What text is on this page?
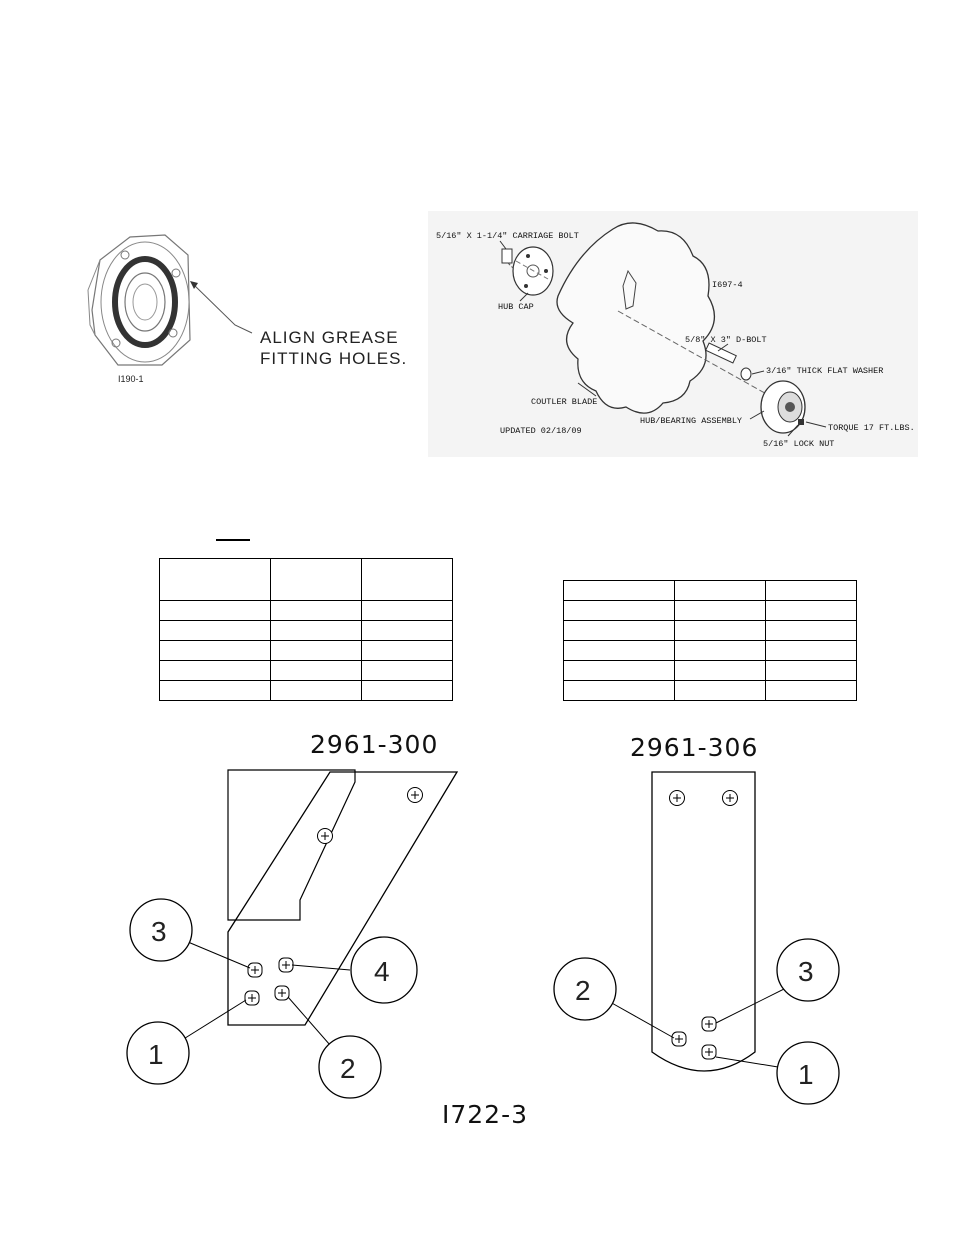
ALIGN GREASE
FITTING HOLES.
I190-1
5/16" X 1-1/4" CARRIAGE BOLT
HUB CAP
I697-4
5/8" X 3" D-BOLT
3/16" THICK FLAT WASHER
COUTLER BLADE
HUB/BEARING ASSEMBLY
TORQUE 17 FT.LBS.
UPDATED 02/18/09
5/16" LOCK NUT

2961-300	2961-306
3
4
1	2
2
3
1
I722-3
